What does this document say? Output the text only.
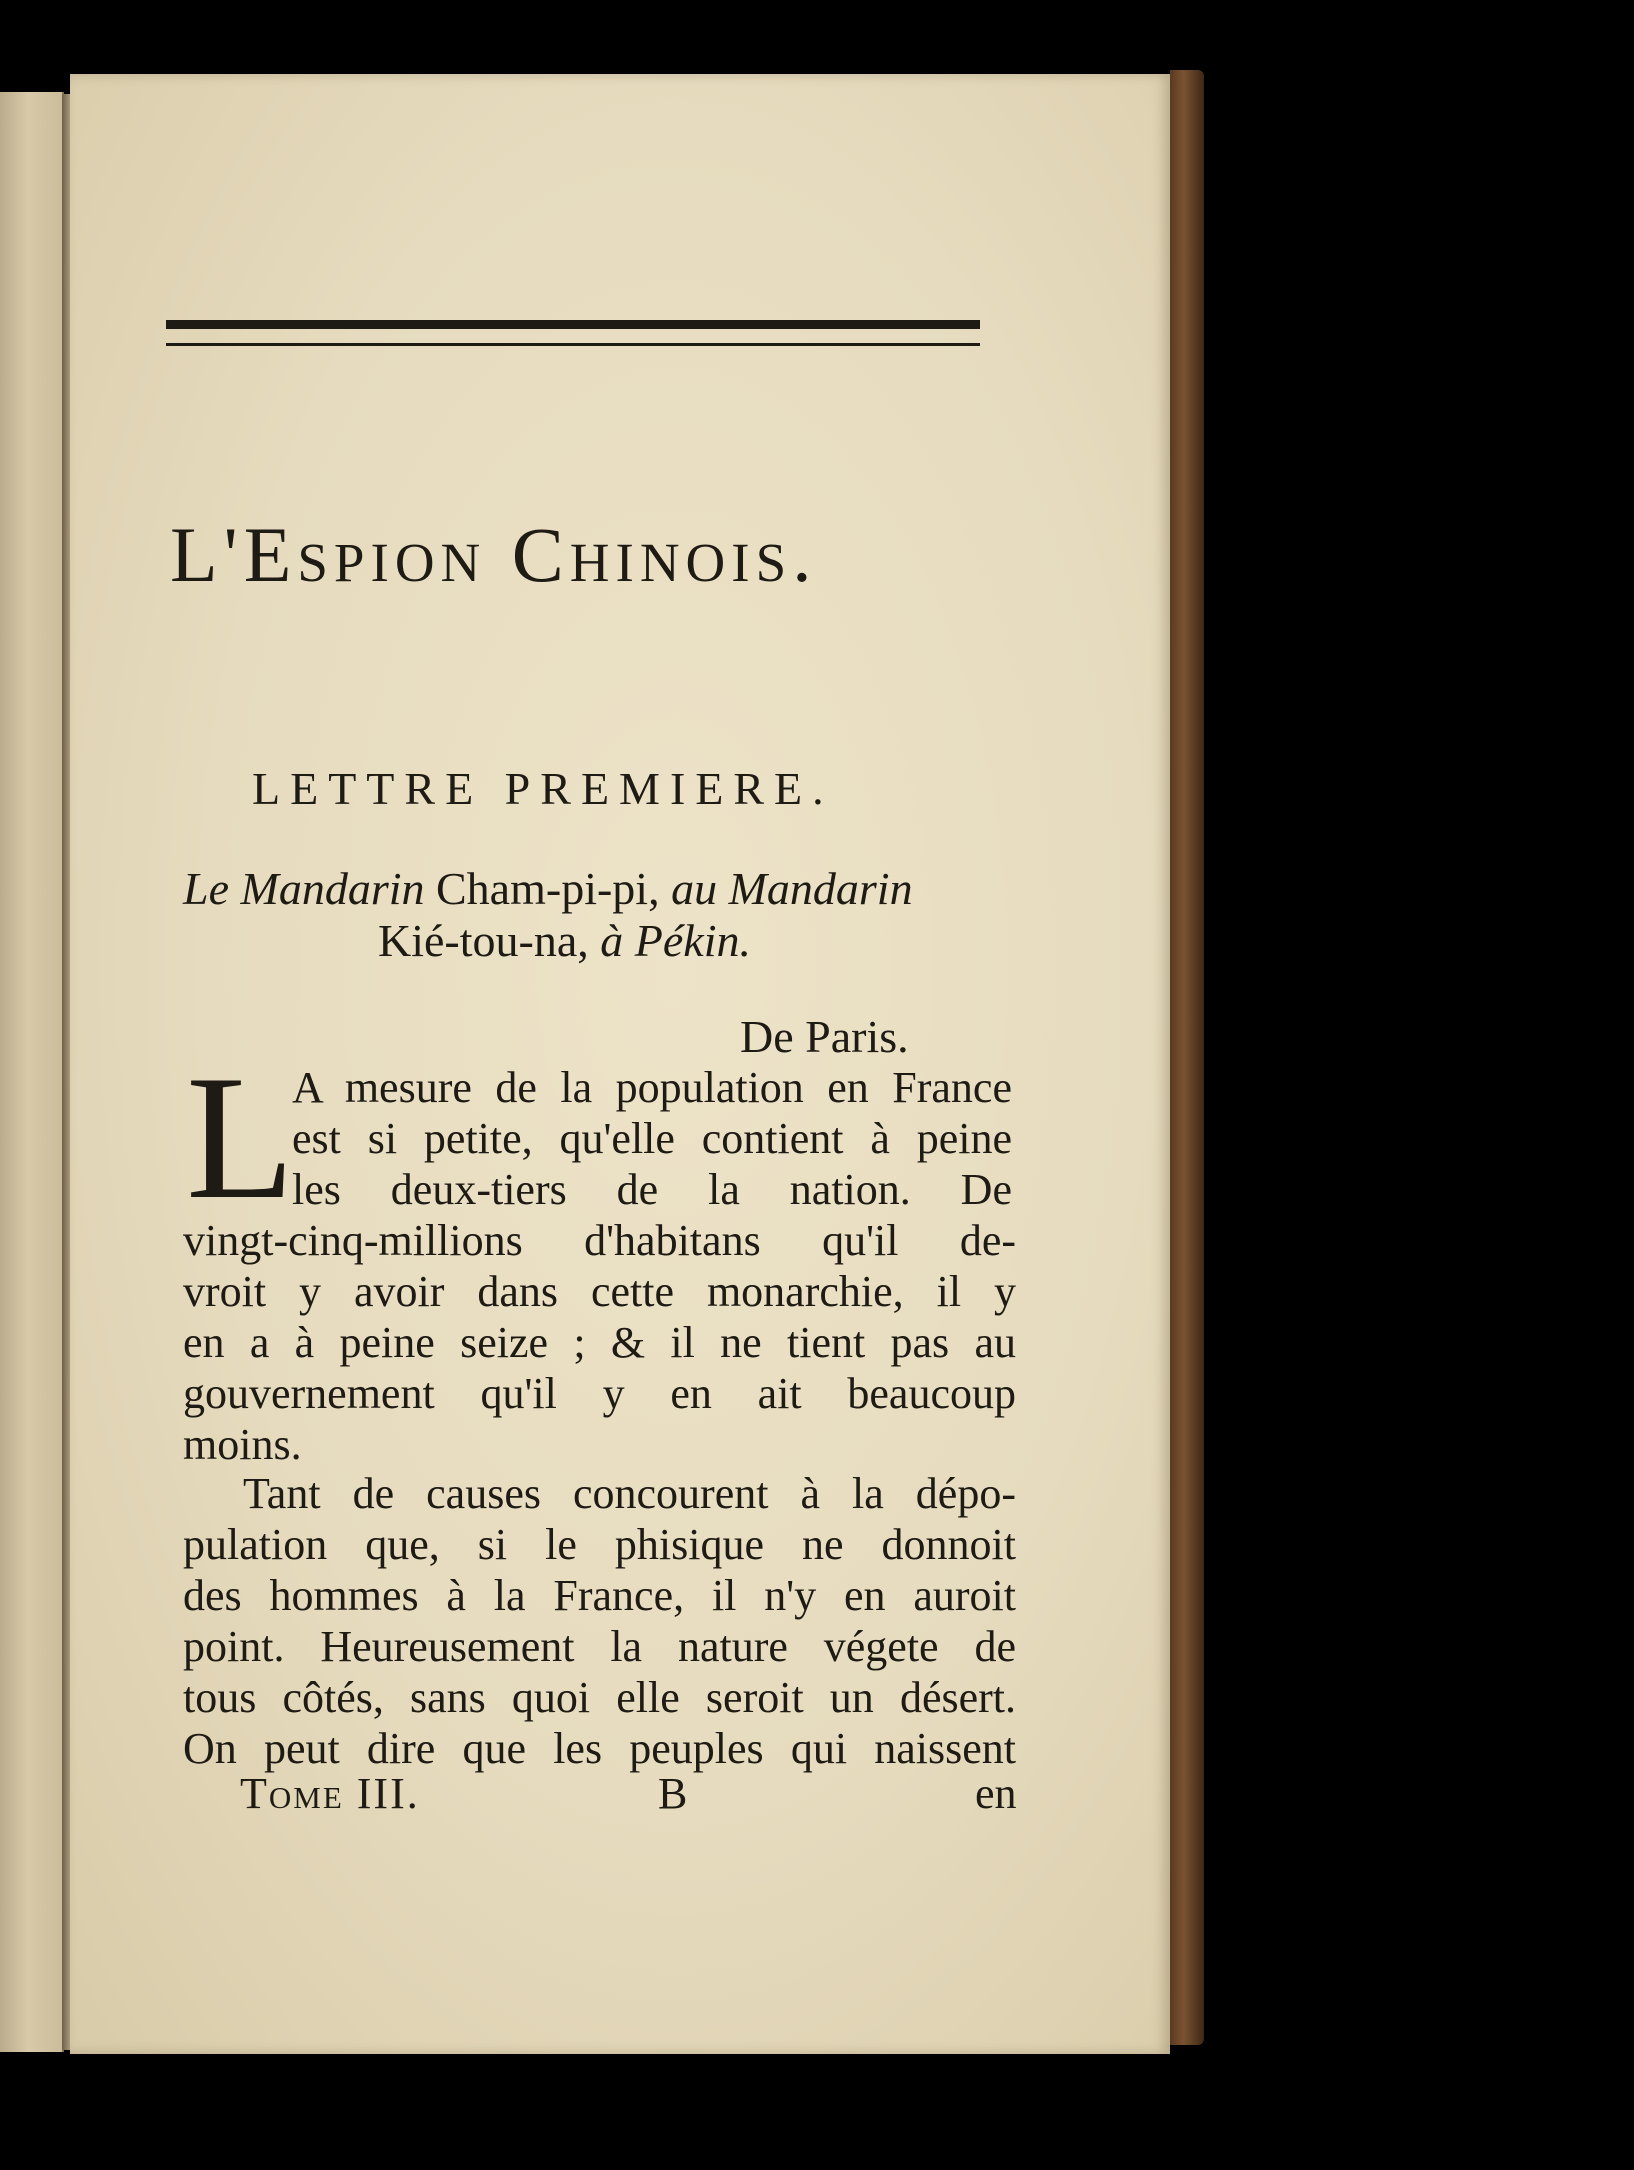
L'Espion Chinois.
LETTRE PREMIERE.
Le Mandarin Cham-pi-pi, au Mandarin
Kié-tou-na, à Pékin.
De Paris.
L
A mesure de la population en France
est si petite, qu'elle contient à peine
les deux-tiers de la nation. De
vingt-cinq-millions d'habitans qu'il de-
vroit y avoir dans cette monarchie, il y
en a à peine seize ; & il ne tient pas au
gouvernement qu'il y en ait beaucoup
moins.
Tant de causes concourent à la dépo-
pulation que, si le phisique ne donnoit
des hommes à la France, il n'y en auroit
point. Heureusement la nature végete de
tous côtés, sans quoi elle seroit un désert.
On peut dire que les peuples qui naissent
Tome III.	B	en
